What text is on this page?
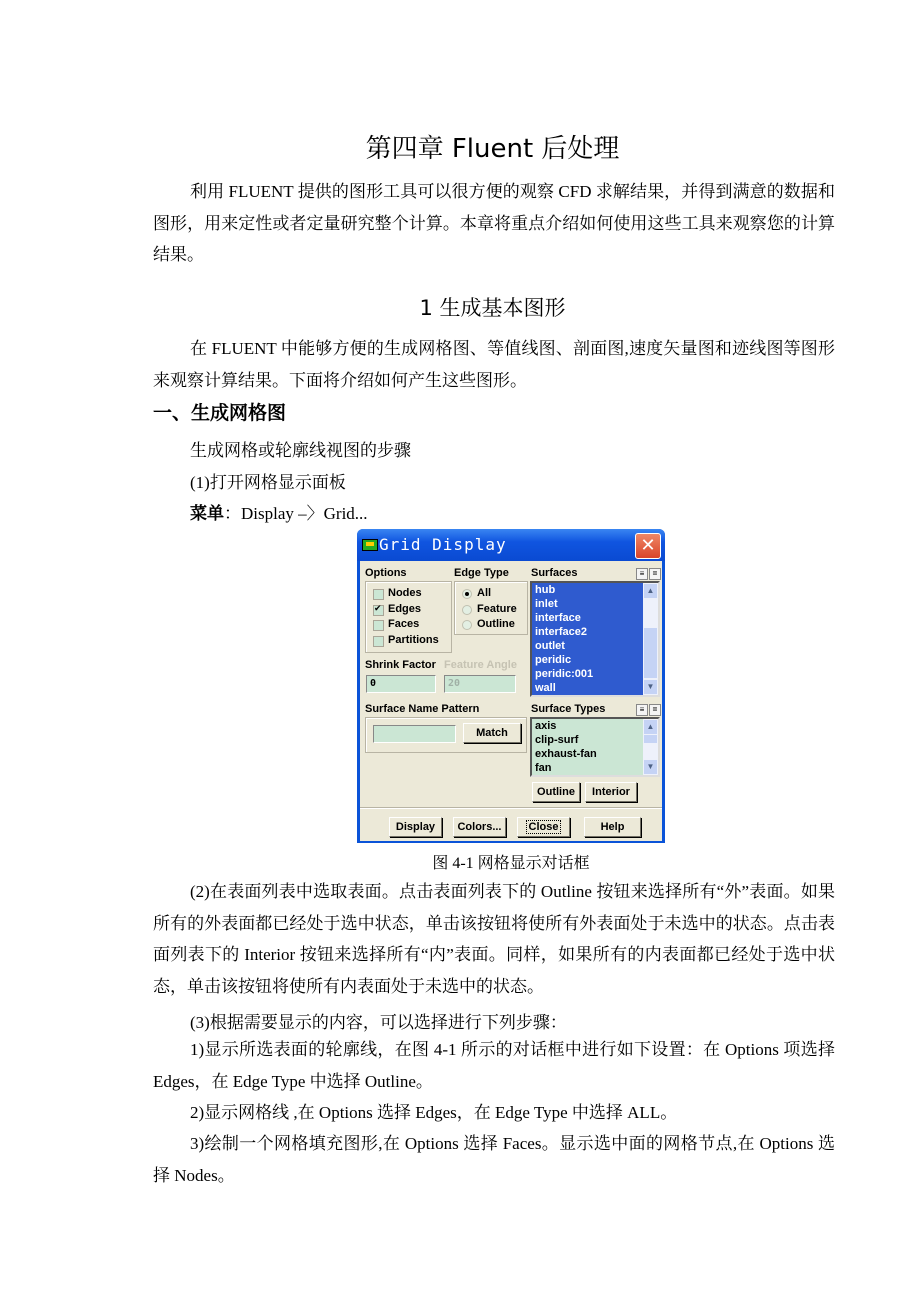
第四章 Fluent 后处理
利用 FLUENT 提供的图形工具可以很方便的观察 CFD 求解结果，并得到满意的数据和图形，用来定性或者定量研究整个计算。本章将重点介绍如何使用这些工具来观察您的计算结果。
1 生成基本图形
在 FLUENT 中能够方便的生成网格图、等值线图、剖面图,速度矢量图和迹线图等图形来观察计算结果。下面将介绍如何产生这些图形。
一、生成网格图
生成网格或轮廓线视图的步骤
(1)打开网格显示面板
菜单：Display –〉Grid...
Grid Display	✕
Options
Nodes
✔
Edges
Faces
Partitions
Edge Type
All
Feature
Outline
Shrink Factor Feature Angle
0	20
Surface Name Pattern
Match
Surfaces	≡	=
hub
inlet
interface
interface2
outlet
peridic
peridic:001
wall
▲
▼
Surface Types	≡	=
axis
clip-surf
exhaust-fan
fan
▲
▼
Outline	Interior
Display	Colors...	Close	Help
图 4-1 网格显示对话框
(2)在表面列表中选取表面。点击表面列表下的 Outline 按钮来选择所有“外”表面。如果所有的外表面都已经处于选中状态，单击该按钮将使所有外表面处于未选中的状态。点击表面列表下的 Interior 按钮来选择所有“内”表面。同样，如果所有的内表面都已经处于选中状态，单击该按钮将使所有内表面处于未选中的状态。
(3)根据需要显示的内容，可以选择进行下列步骤：
1)显示所选表面的轮廓线，在图 4-1 所示的对话框中进行如下设置：在 Options 项选择 Edges，在 Edge Type 中选择 Outline。
2)显示网格线 ,在 Options 选择 Edges，在 Edge Type 中选择 ALL。
3)绘制一个网格填充图形,在 Options 选择 Faces。显示选中面的网格节点,在 Options 选择 Nodes。
